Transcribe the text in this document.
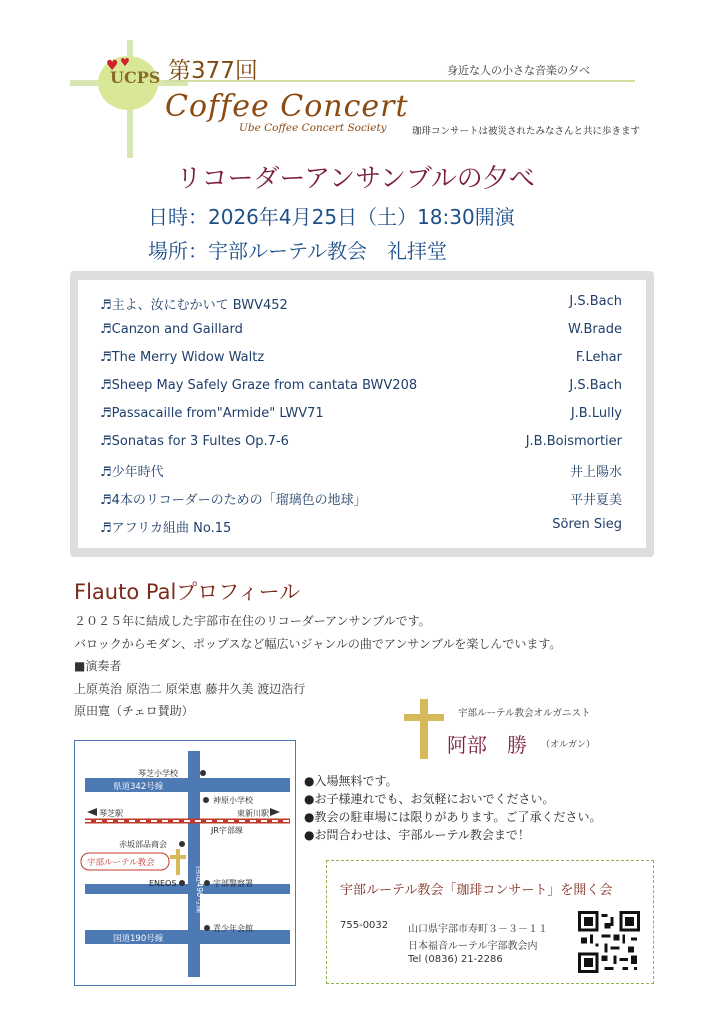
♥ ♥
UCPS 第377回	身近な人の小さな音楽の夕べ
Coffee Concert
Ube Coffee Concert Society	珈琲コンサートは被災されたみなさんと共に歩きます
リコーダーアンサンブルの夕べ
日時：2026年4月25日（土）18:30開演
場所：宇部ルーテル教会　礼拝堂
♬主よ、汝にむかいて BWV452	J.S.Bach
♬Canzon and Gaillard	W.Brade
♬The Merry Widow Waltz	F.Lehar
♬Sheep May Safely Graze from cantata BWV208	J.S.Bach
♬Passacaille from"Armide" LWV71	J.B.Lully
♬Sonatas for 3 Fultes Op.7-6	J.B.Boismortier
♬少年時代	井上陽水
♬4本のリコーダーのための「瑠璃色の地球」	平井夏美
♬アフリカ組曲 No.15	Sören Sieg
Flauto Palプロフィール
２０２５年に結成した宇部市在住のリコーダーアンサンブルです。
バロックからモダン、ポップスなど幅広いジャンルの曲でアンサンブルを楽しんでいます。
■演奏者
上原英治 原浩二 原栄恵 藤井久美 渡辺浩行
原田寛（チェロ賛助）	宇部ルーテル教会オルガニスト
阿部　勝 （オルガン）
琴芝小学校
県道342号線
神原小学校
琴芝駅	東新川駅
JR宇部線
赤坂部品商会
宇部ルーテル教会
ENEOS	宇部警察署
青少年会館
国道190号線
国道490号線
●入場無料です。
●お子様連れでも、お気軽においでください。
●教会の駐車場には限りがあります。ご了承ください。
●お問合わせは、宇部ルーテル教会まで！
宇部ルーテル教会「珈琲コンサート」を開く会
755-0032 山口県宇部市寿町３－３－１１
日本福音ルーテル宇部教会内
Tel (0836) 21-2286
